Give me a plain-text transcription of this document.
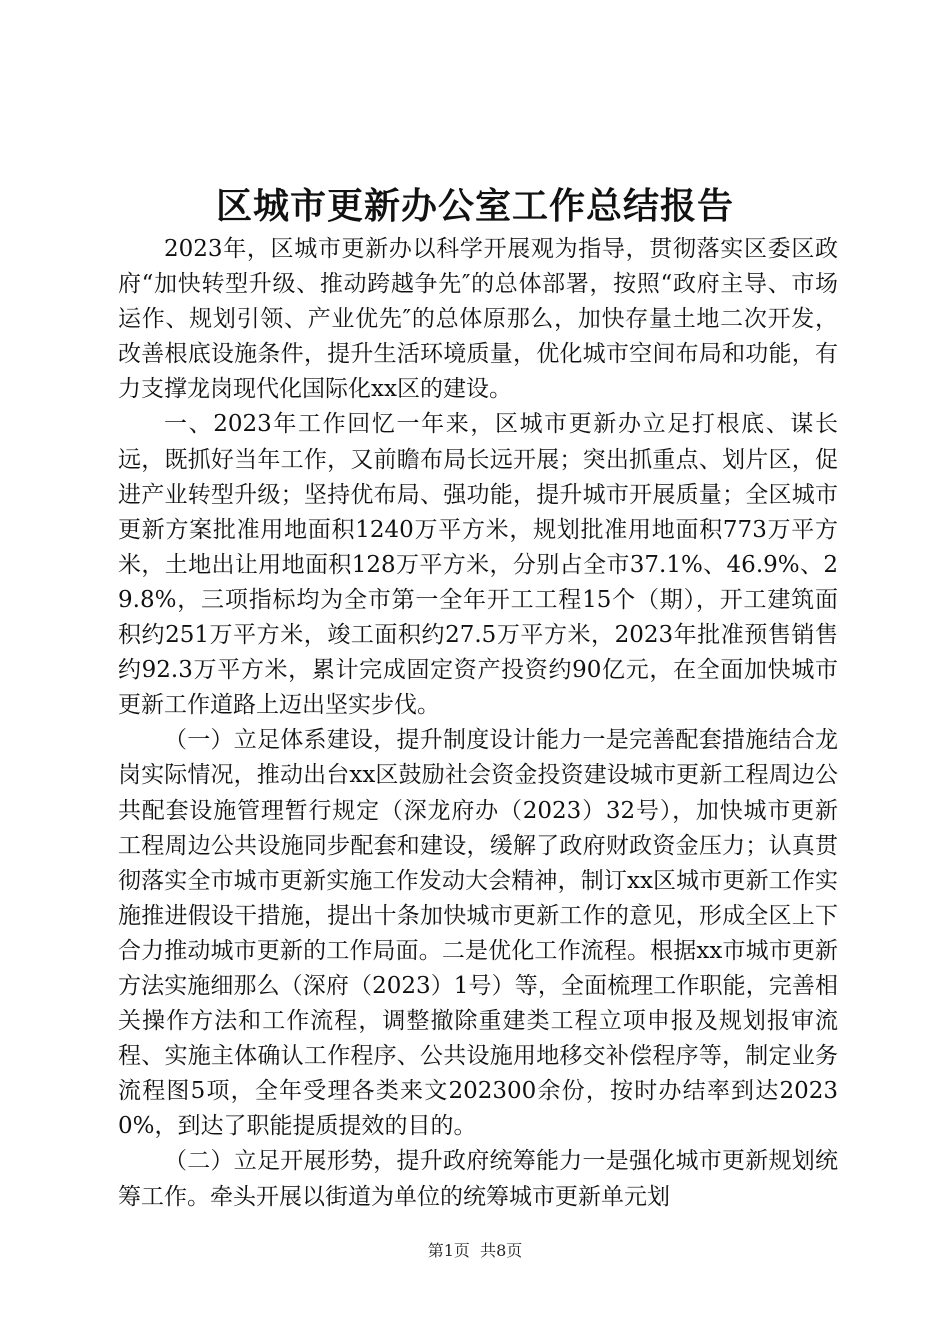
区城市更新办公室工作总结报告

2023年，区城市更新办以科学开展观为指导，贯彻落实区委区政府“加快转型升级、推动跨越争先″的总体部署，按照“政府主导、市场运作、规划引领、产业优先″的总体原那么，加快存量土地二次开发，改善根底设施条件，提升生活环境质量，优化城市空间布局和功能，有力支撑龙岗现代化国际化xx区的建设。

一、2023年工作回忆一年来，区城市更新办立足打根底、谋长远，既抓好当年工作，又前瞻布局长远开展；突出抓重点、划片区，促进产业转型升级；坚持优布局、强功能，提升城市开展质量；全区城市更新方案批准用地面积1240万平方米，规划批准用地面积773万平方米，土地出让用地面积128万平方米，分别占全市37.1%、46.9%、29.8%，三项指标均为全市第一全年开工工程15个（期），开工建筑面积约251万平方米，竣工面积约27.5万平方米，2023年批准预售销售约92.3万平方米，累计完成固定资产投资约90亿元，在全面加快城市更新工作道路上迈出坚实步伐。

（一）立足体系建设，提升制度设计能力一是完善配套措施结合龙岗实际情况，推动出台xx区鼓励社会资金投资建设城市更新工程周边公共配套设施管理暂行规定（深龙府办（2023）32号），加快城市更新工程周边公共设施同步配套和建设，缓解了政府财政资金压力；认真贯彻落实全市城市更新实施工作发动大会精神，制订xx区城市更新工作实施推进假设干措施，提出十条加快城市更新工作的意见，形成全区上下合力推动城市更新的工作局面。二是优化工作流程。根据xx市城市更新方法实施细那么（深府（2023）1号）等，全面梳理工作职能，完善相关操作方法和工作流程，调整撤除重建类工程立项申报及规划报审流程、实施主体确认工作程序、公共设施用地移交补偿程序等，制定业务流程图5项，全年受理各类来文202300余份，按时办结率到达20230%，到达了职能提质提效的目的。

（二）立足开展形势，提升政府统筹能力一是强化城市更新规划统筹工作。牵头开展以街道为单位的统筹城市更新单元划

第1页 共8页
